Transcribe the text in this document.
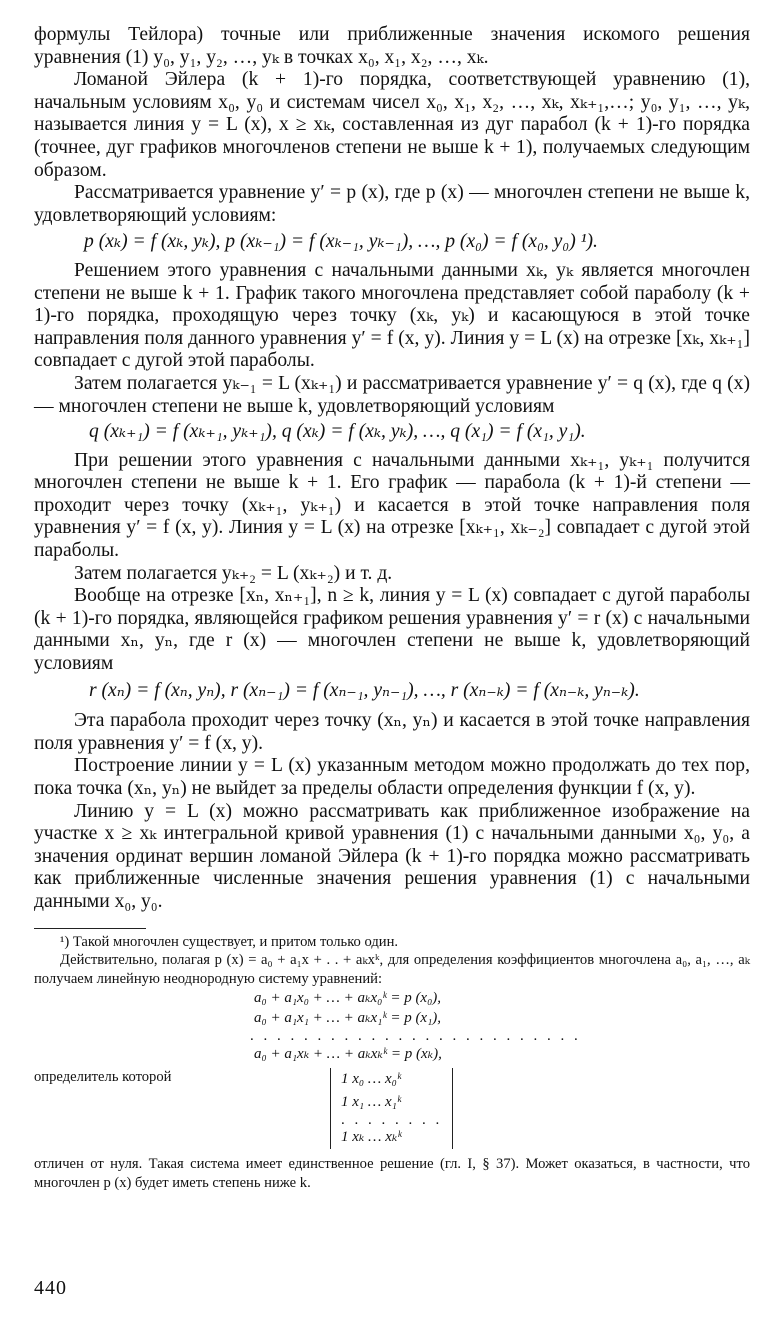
формулы Тейлора) точные или приближенные значения искомого решения уравнения (1) y₀, y₁, y₂, …, yₖ в точках x₀, x₁, x₂, …, xₖ.

Ломаной Эйлера (k + 1)-го порядка, соответствующей уравнению (1), начальным условиям x₀, y₀ и системам чисел x₀, x₁, x₂, …, xₖ, xₖ₊₁,…; y₀, y₁, …, yₖ, называется линия y = L (x), x ≥ xₖ, составленная из дуг парабол (k + 1)-го порядка (точнее, дуг графиков многочленов степени не выше k + 1), получаемых следующим образом.

Рассматривается уравнение y′ = p (x), где p (x) — многочлен степени не выше k, удовлетворяющий условиям:

p (xₖ) = f (xₖ, yₖ), p (xₖ₋₁) = f (xₖ₋₁, yₖ₋₁), …, p (x₀) = f (x₀, y₀) ¹).

Решением этого уравнения с начальными данными xₖ, yₖ является многочлен степени не выше k + 1. График такого многочлена представляет собой параболу (k + 1)-го порядка, проходящую через точку (xₖ, yₖ) и касающуюся в этой точке направления поля данного уравнения y′ = f (x, y). Линия y = L (x) на отрезке [xₖ, xₖ₊₁] совпадает с дугой этой параболы.

Затем полагается yₖ₋₁ = L (xₖ₊₁) и рассматривается уравнение y′ = q (x), где q (x) — многочлен степени не выше k, удовлетворяющий условиям

q (xₖ₊₁) = f (xₖ₊₁, yₖ₊₁), q (xₖ) = f (xₖ, yₖ), …, q (x₁) = f (x₁, y₁).

При решении этого уравнения с начальными данными xₖ₊₁, yₖ₊₁ получится многочлен степени не выше k + 1. Его график — парабола (k + 1)-й степени — проходит через точку (xₖ₊₁, yₖ₊₁) и касается в этой точке направления поля уравнения y′ = f (x, y). Линия y = L (x) на отрезке [xₖ₊₁, xₖ₋₂] совпадает с дугой этой параболы.

Затем полагается yₖ₊₂ = L (xₖ₊₂) и т. д.

Вообще на отрезке [xₙ, xₙ₊₁], n ≥ k, линия y = L (x) совпадает с дугой параболы (k + 1)-го порядка, являющейся графиком решения уравнения y′ = r (x) с начальными данными xₙ, yₙ, где r (x) — многочлен степени не выше k, удовлетворяющий условиям

r (xₙ) = f (xₙ, yₙ), r (xₙ₋₁) = f (xₙ₋₁, yₙ₋₁), …, r (xₙ₋ₖ) = f (xₙ₋ₖ, yₙ₋ₖ).

Эта парабола проходит через точку (xₙ, yₙ) и касается в этой точке направления поля уравнения y′ = f (x, y).

Построение линии y = L (x) указанным методом можно продолжать до тех пор, пока точка (xₙ, yₙ) не выйдет за пределы области определения функции f (x, y).

Линию y = L (x) можно рассматривать как приближенное изображение на участке x ≥ xₖ интегральной кривой уравнения (1) с начальными данными x₀, y₀, а значения ординат вершин ломаной Эйлера (k + 1)-го порядка можно рассматривать как приближенные численные значения решения уравнения (1) с начальными данными x₀, y₀.

¹) Такой многочлен существует, и притом только один.

Действительно, полагая p (x) = a₀ + a₁x + . . + aₖxᵏ, для определения коэффициентов многочлена a₀, a₁, …, aₖ получаем линейную неоднородную систему уравнений:

a₀ + a₁x₀ + … + aₖx₀ᵏ = p (x₀),

a₀ + a₁x₁ + … + aₖx₁ᵏ = p (x₁),

. . . . . . . . . . . . . . . . . . . . . . . . .

a₀ + a₁xₖ + … + aₖxₖᵏ = p (xₖ),

определитель которой	1 x₀ … x₀ᵏ
1 x₁ … x₁ᵏ
. . . . . . . .
1 xₖ … xₖᵏ

отличен от нуля. Такая система имеет единственное решение (гл. I, § 37). Может оказаться, в частности, что многочлен p (x) будет иметь степень ниже k.

440
